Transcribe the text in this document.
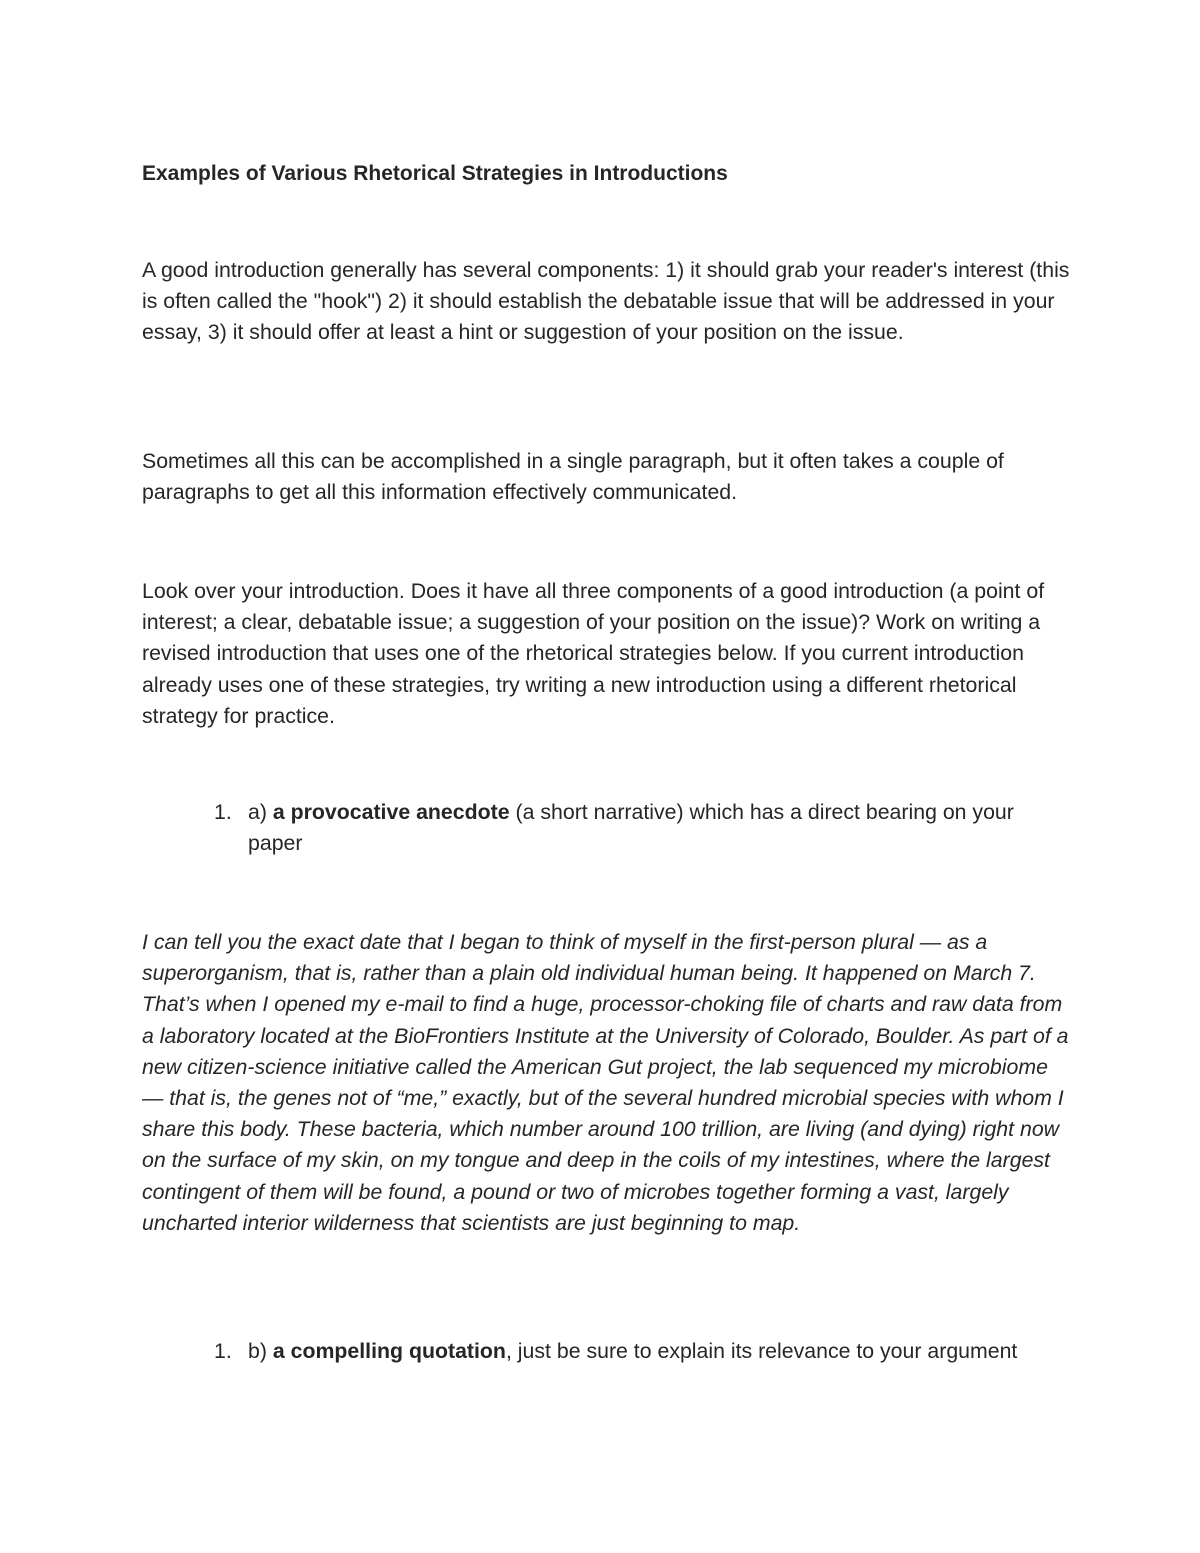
Examples of Various Rhetorical Strategies in Introductions

A good introduction generally has several components: 1) it should grab your reader's interest (this is often called the "hook") 2) it should establish the debatable issue that will be addressed in your essay, 3) it should offer at least a hint or suggestion of your position on the issue.

Sometimes all this can be accomplished in a single paragraph, but it often takes a couple of paragraphs to get all this information effectively communicated.

Look over your introduction. Does it have all three components of a good introduction (a point of interest; a clear, debatable issue; a suggestion of your position on the issue)? Work on writing a revised introduction that uses one of the rhetorical strategies below. If you current introduction already uses one of these strategies, try writing a new introduction using a different rhetorical strategy for practice.

1. a) a provocative anecdote (a short narrative) which has a direct bearing on your paper

I can tell you the exact date that I began to think of myself in the first-person plural — as a superorganism, that is, rather than a plain old individual human being. It happened on March 7. That’s when I opened my e-mail to find a huge, processor-choking file of charts and raw data from a laboratory located at the BioFrontiers Institute at the University of Colorado, Boulder. As part of a new citizen-science initiative called the American Gut project, the lab sequenced my microbiome — that is, the genes not of “me,” exactly, but of the several hundred microbial species with whom I share this body. These bacteria, which number around 100 trillion, are living (and dying) right now on the surface of my skin, on my tongue and deep in the coils of my intestines, where the largest contingent of them will be found, a pound or two of microbes together forming a vast, largely uncharted interior wilderness that scientists are just beginning to map.

1. b) a compelling quotation, just be sure to explain its relevance to your argument
